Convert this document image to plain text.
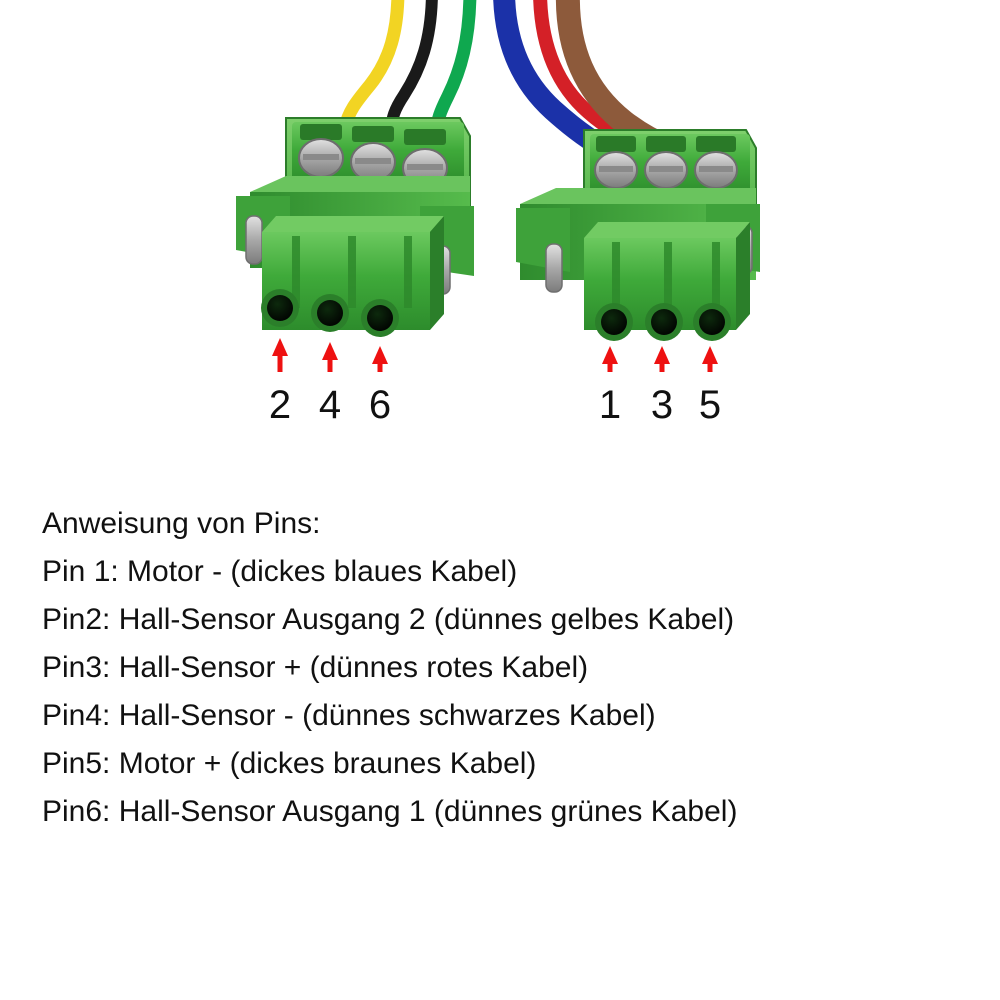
2 4 6	1 3 5
Anweisung von Pins:
Pin 1: Motor - (dickes blaues Kabel)
Pin2: Hall-Sensor Ausgang 2 (dünnes gelbes Kabel)
Pin3: Hall-Sensor + (dünnes rotes Kabel)
Pin4: Hall-Sensor - (dünnes schwarzes Kabel)
Pin5: Motor + (dickes braunes Kabel)
Pin6: Hall-Sensor Ausgang 1 (dünnes grünes Kabel)
